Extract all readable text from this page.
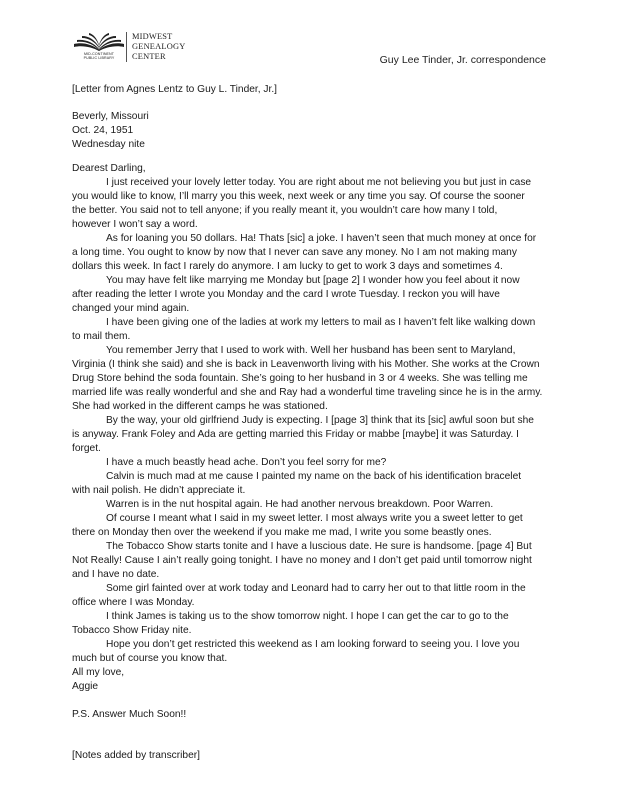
MID-CONTINENT
PUBLIC LIBRARY
MIDWEST
GENEALOGY
CENTER	Guy Lee Tinder, Jr. correspondence
[Letter from Agnes Lentz to Guy L. Tinder, Jr.]
Beverly, Missouri
Oct. 24, 1951
Wednesday nite
Dearest Darling,
I just received your lovely letter today. You are right about me not believing you but just in case
you would like to know, I’ll marry you this week, next week or any time you say. Of course the sooner
the better. You said not to tell anyone; if you really meant it, you wouldn’t care how many I told,
however I won’t say a word.
As for loaning you 50 dollars. Ha! Thats [sic] a joke. I haven’t seen that much money at once for
a long time. You ought to know by now that I never can save any money. No I am not making many
dollars this week. In fact I rarely do anymore. I am lucky to get to work 3 days and sometimes 4.
You may have felt like marrying me Monday but [page 2] I wonder how you feel about it now
after reading the letter I wrote you Monday and the card I wrote Tuesday. I reckon you will have
changed your mind again.
I have been giving one of the ladies at work my letters to mail as I haven’t felt like walking down
to mail them.
You remember Jerry that I used to work with. Well her husband has been sent to Maryland,
Virginia (I think she said) and she is back in Leavenworth living with his Mother. She works at the Crown
Drug Store behind the soda fountain. She’s going to her husband in 3 or 4 weeks. She was telling me
married life was really wonderful and she and Ray had a wonderful time traveling since he is in the army.
She had worked in the different camps he was stationed.
By the way, your old girlfriend Judy is expecting. I [page 3] think that its [sic] awful soon but she
is anyway. Frank Foley and Ada are getting married this Friday or mabbe [maybe] it was Saturday. I
forget.
I have a much beastly head ache. Don’t you feel sorry for me?
Calvin is much mad at me cause I painted my name on the back of his identification bracelet
with nail polish. He didn’t appreciate it.
Warren is in the nut hospital again. He had another nervous breakdown. Poor Warren.
Of course I meant what I said in my sweet letter. I most always write you a sweet letter to get
there on Monday then over the weekend if you make me mad, I write you some beastly ones.
The Tobacco Show starts tonite and I have a luscious date. He sure is handsome. [page 4] But
Not Really! Cause I ain’t really going tonight. I have no money and I don’t get paid until tomorrow night
and I have no date.
Some girl fainted over at work today and Leonard had to carry her out to that little room in the
office where I was Monday.
I think James is taking us to the show tomorrow night. I hope I can get the car to go to the
Tobacco Show Friday nite.
Hope you don’t get restricted this weekend as I am looking forward to seeing you. I love you
much but of course you know that.
All my love,
Aggie
P.S. Answer Much Soon!!
[Notes added by transcriber]
